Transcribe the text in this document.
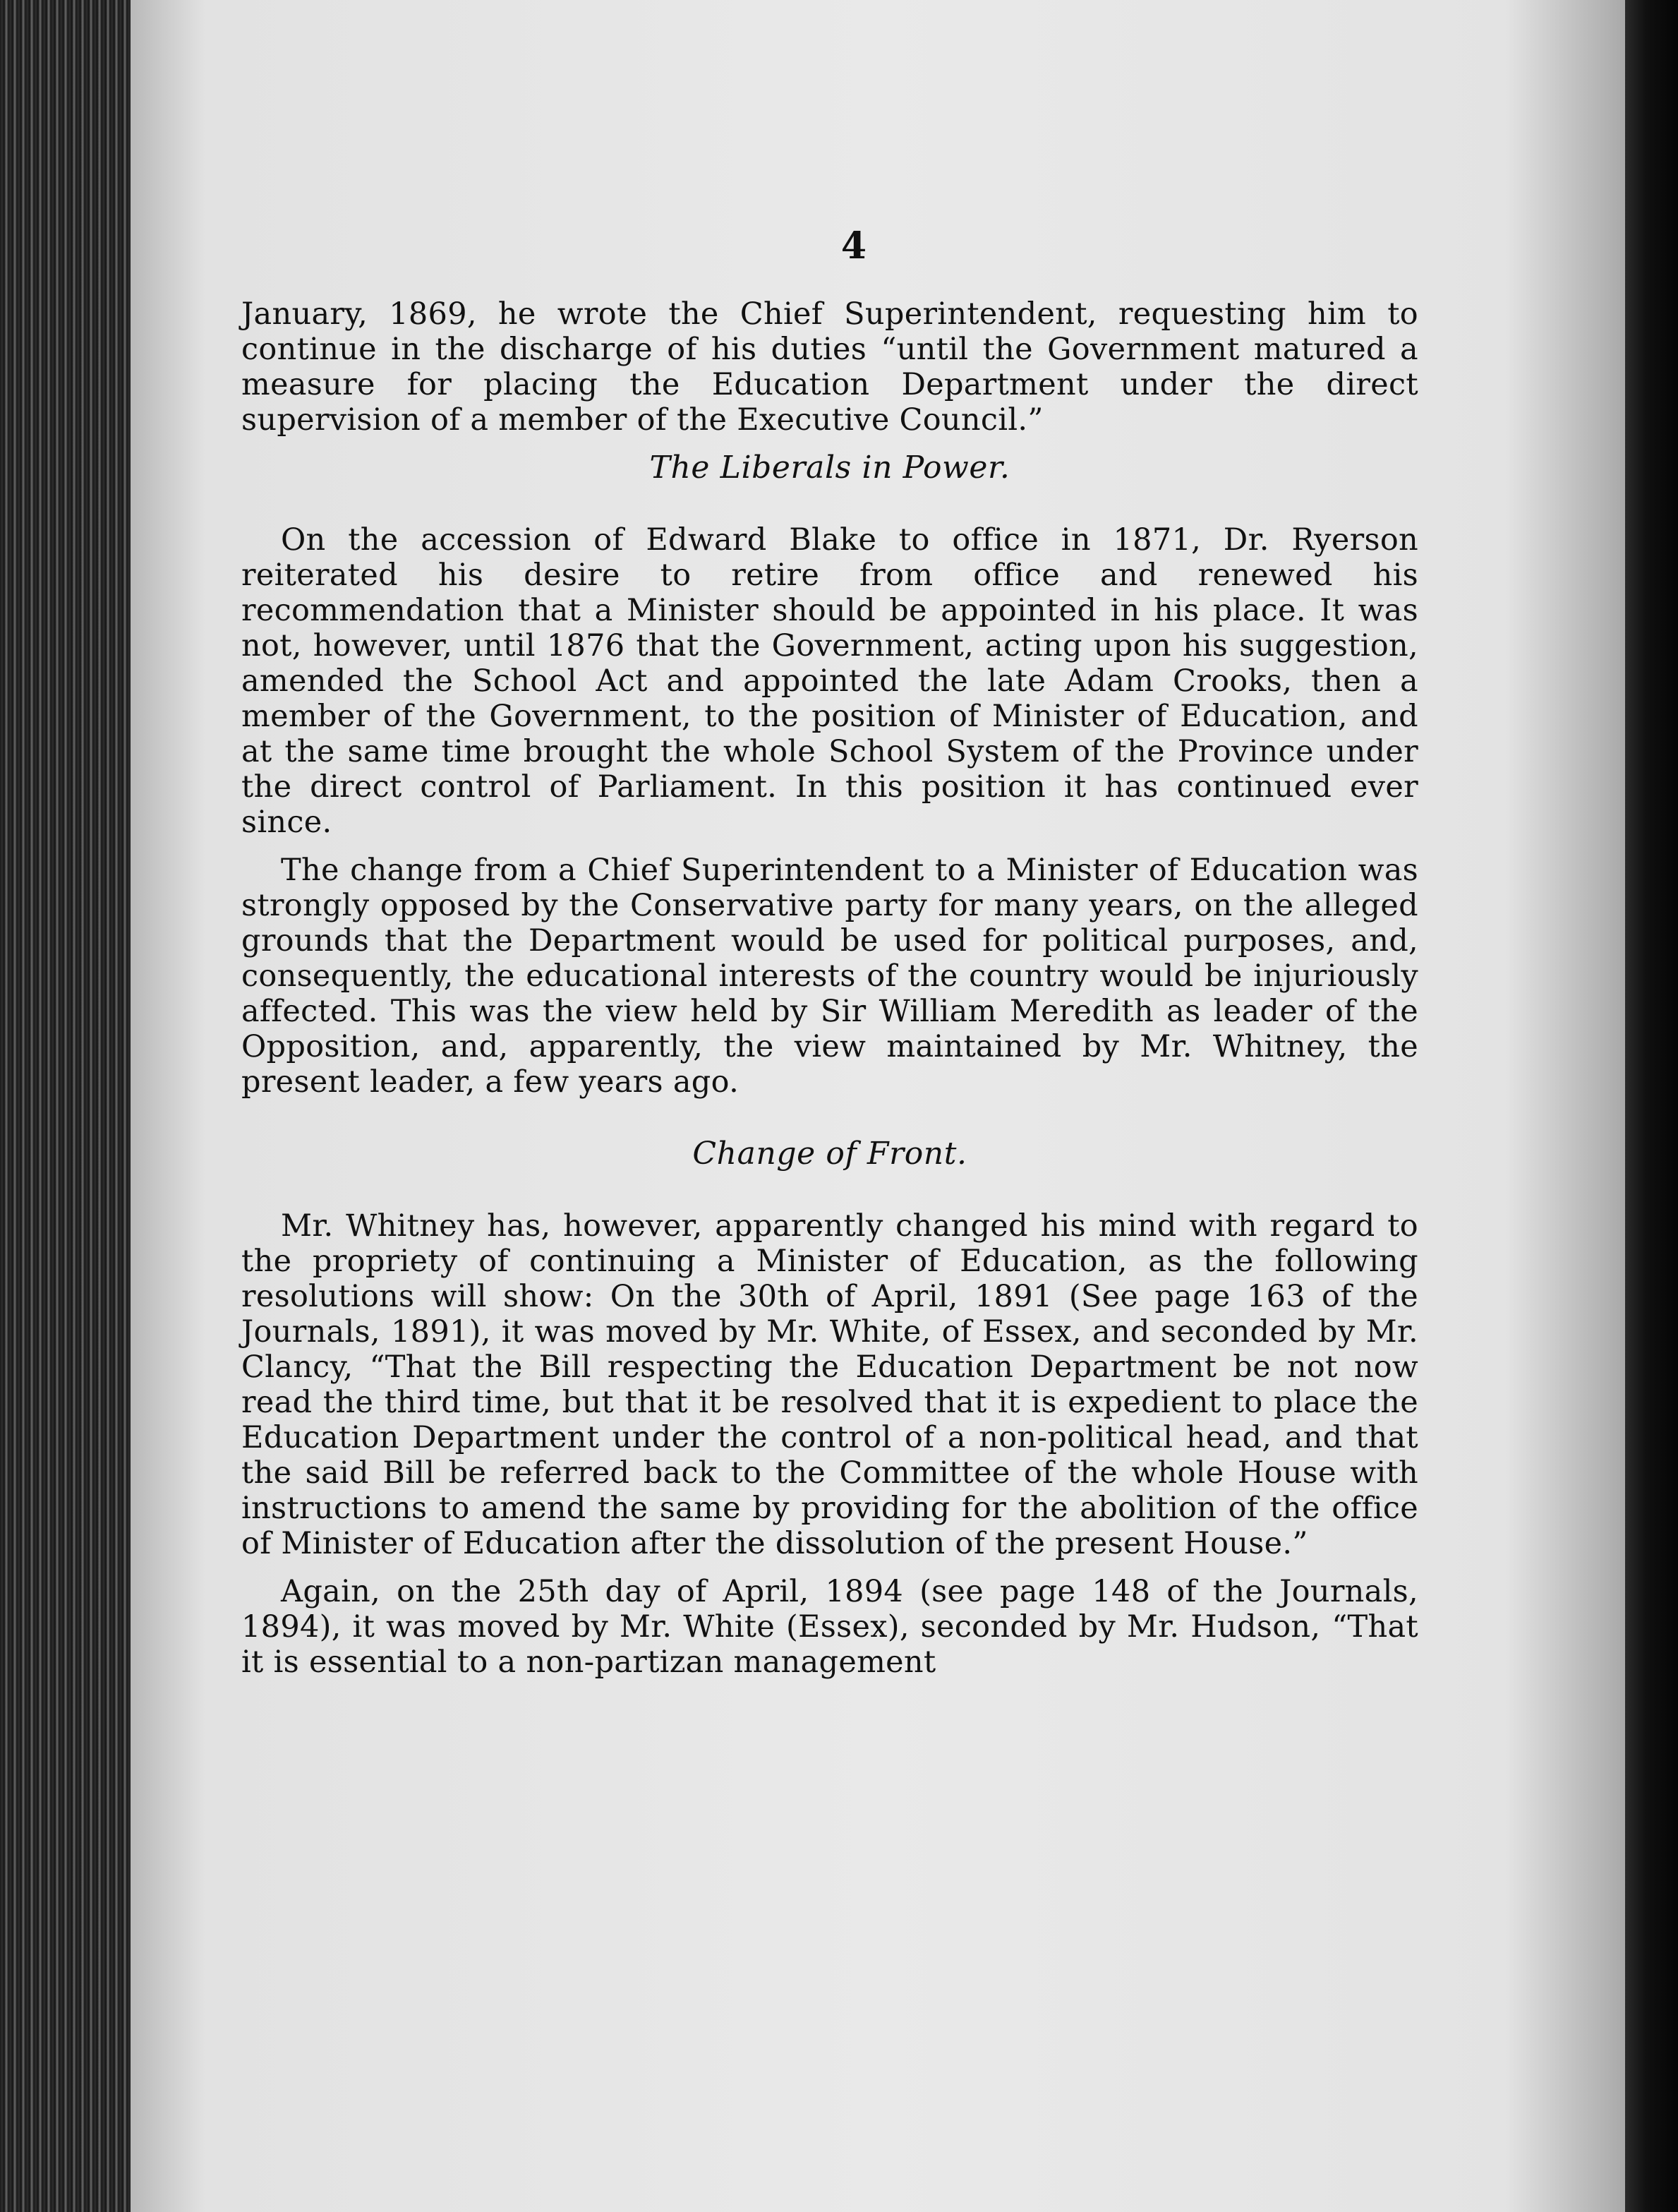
4

January, 1869, he wrote the Chief Superintendent, requesting him to continue in the discharge of his duties “until the Government matured a measure for placing the Education Department under the direct supervision of a member of the Executive Council.”

The Liberals in Power.

On the accession of Edward Blake to office in 1871, Dr. Ryerson reiterated his desire to retire from office and renewed his recommendation that a Minister should be appointed in his place. It was not, however, until 1876 that the Government, acting upon his suggestion, amended the School Act and appointed the late Adam Crooks, then a member of the Government, to the position of Minister of Education, and at the same time brought the whole School System of the Province under the direct control of Parliament. In this position it has continued ever since.

The change from a Chief Superintendent to a Minister of Education was strongly opposed by the Conservative party for many years, on the alleged grounds that the Department would be used for political purposes, and, consequently, the educational interests of the country would be injuriously affected. This was the view held by Sir William Meredith as leader of the Opposition, and, apparently, the view maintained by Mr. Whitney, the present leader, a few years ago.

Change of Front.

Mr. Whitney has, however, apparently changed his mind with regard to the propriety of continuing a Minister of Education, as the following resolutions will show: On the 30th of April, 1891 (See page 163 of the Journals, 1891), it was moved by Mr. White, of Essex, and seconded by Mr. Clancy, “That the Bill respecting the Education Department be not now read the third time, but that it be resolved that it is expedient to place the Education Department under the control of a non-political head, and that the said Bill be referred back to the Committee of the whole House with instructions to amend the same by providing for the abolition of the office of Minister of Education after the dissolution of the present House.”

Again, on the 25th day of April, 1894 (see page 148 of the Journals, 1894), it was moved by Mr. White (Essex), seconded by Mr. Hudson, “That it is essential to a non-partizan management
